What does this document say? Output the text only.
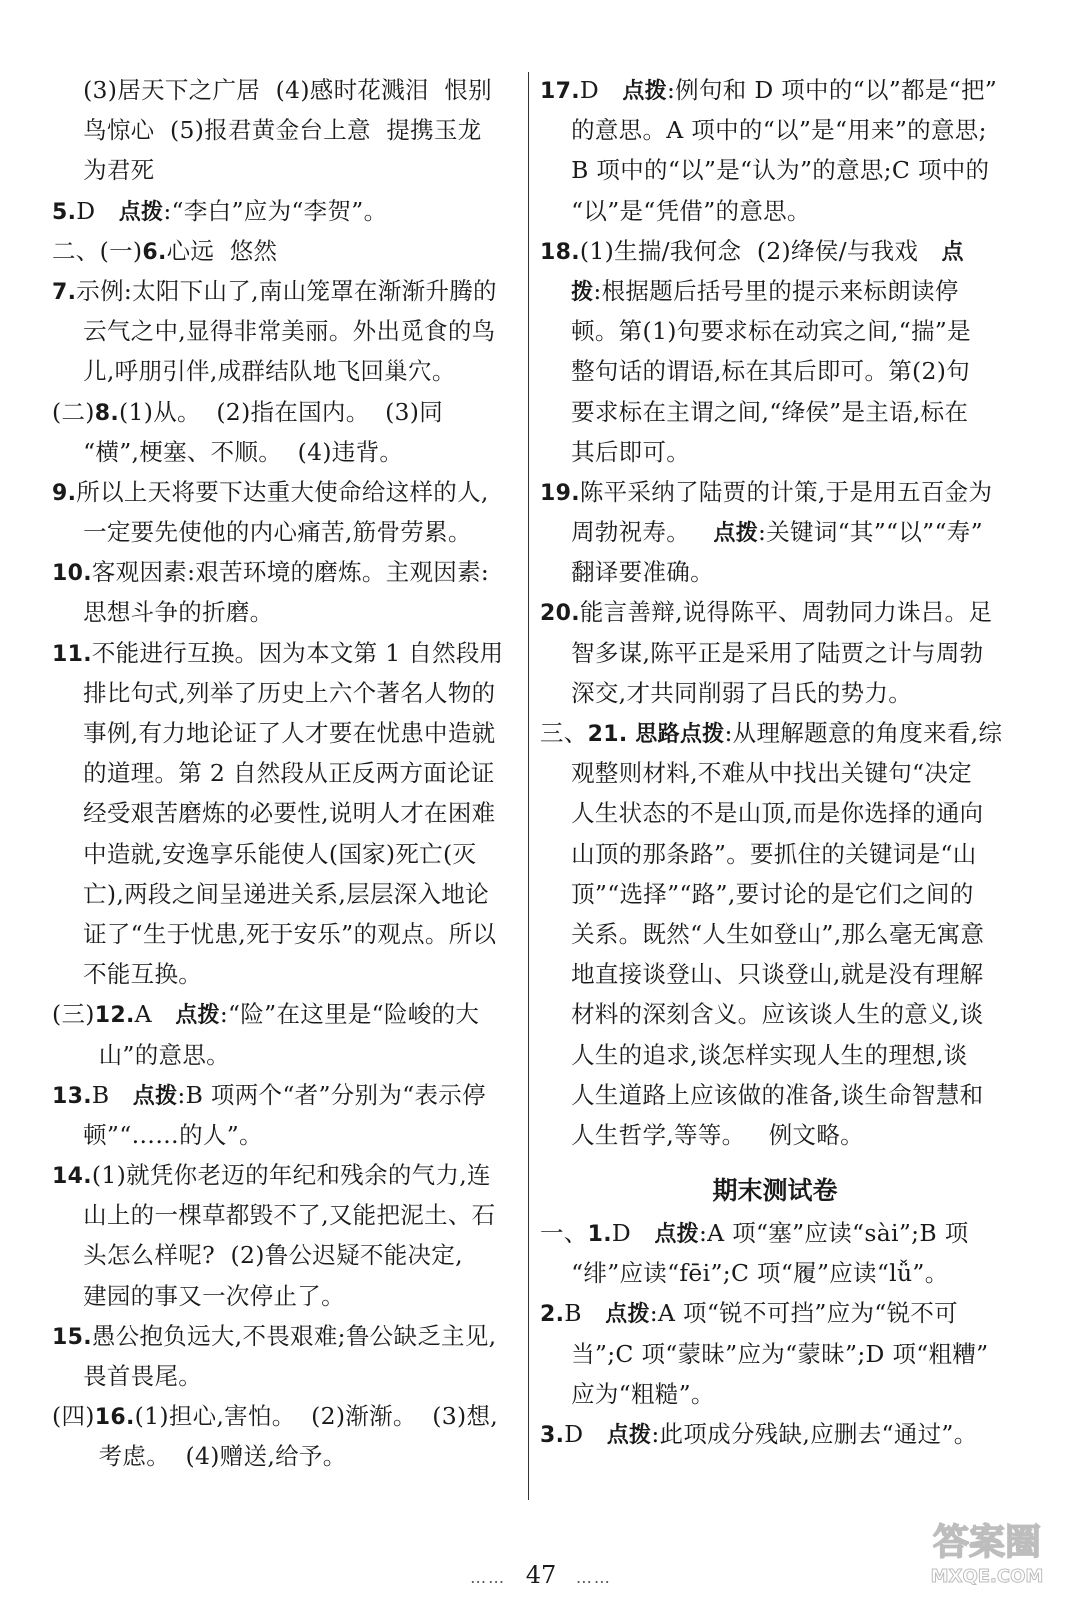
(3)居天下之广居  (4)感时花溅泪  恨别
鸟惊心  (5)报君黄金台上意  提携玉龙
为君死
5.D   点拨:“李白”应为“李贺”。
二、(一)6.心远  悠然
7.示例:太阳下山了,南山笼罩在渐渐升腾的
云气之中,显得非常美丽。外出觅食的鸟
儿,呼朋引伴,成群结队地飞回巢穴。
(二)8.(1)从。  (2)指在国内。  (3)同
“横”,梗塞、不顺。  (4)违背。
9.所以上天将要下达重大使命给这样的人,
一定要先使他的内心痛苦,筋骨劳累。
10.客观因素:艰苦环境的磨炼。主观因素:
思想斗争的折磨。
11.不能进行互换。因为本文第 1 自然段用
排比句式,列举了历史上六个著名人物的
事例,有力地论证了人才要在忧患中造就
的道理。第 2 自然段从正反两方面论证
经受艰苦磨炼的必要性,说明人才在困难
中造就,安逸享乐能使人(国家)死亡(灭
亡),两段之间呈递进关系,层层深入地论
证了“生于忧患,死于安乐”的观点。所以
不能互换。
(三)12.A   点拨:“险”在这里是“险峻的大
山”的意思。
13.B   点拨:B 项两个“者”分别为“表示停
顿”“……的人”。
14.(1)就凭你老迈的年纪和残余的气力,连
山上的一棵草都毁不了,又能把泥土、石
头怎么样呢?  (2)鲁公迟疑不能决定,
建园的事又一次停止了。
15.愚公抱负远大,不畏艰难;鲁公缺乏主见,
畏首畏尾。
(四)16.(1)担心,害怕。  (2)渐渐。  (3)想,
考虑。  (4)赠送,给予。
17.D   点拨:例句和 D 项中的“以”都是“把”
的意思。A 项中的“以”是“用来”的意思;
B 项中的“以”是“认为”的意思;C 项中的
“以”是“凭借”的意思。
18.(1)生揣/我何念  (2)绛侯/与我戏   点
拨:根据题后括号里的提示来标朗读停
顿。第(1)句要求标在动宾之间,“揣”是
整句话的谓语,标在其后即可。第(2)句
要求标在主谓之间,“绛侯”是主语,标在
其后即可。
19.陈平采纳了陆贾的计策,于是用五百金为
周勃祝寿。   点拨:关键词“其”“以”“寿”
翻译要准确。
20.能言善辩,说得陈平、周勃同力诛吕。足
智多谋,陈平正是采用了陆贾之计与周勃
深交,才共同削弱了吕氏的势力。
三、21. 思路点拨:从理解题意的角度来看,综
观整则材料,不难从中找出关键句“决定
人生状态的不是山顶,而是你选择的通向
山顶的那条路”。要抓住的关键词是“山
顶”“选择”“路”,要讨论的是它们之间的
关系。既然“人生如登山”,那么毫无寓意
地直接谈登山、只谈登山,就是没有理解
材料的深刻含义。应该谈人生的意义,谈
人生的追求,谈怎样实现人生的理想,谈
人生道路上应该做的准备,谈生命智慧和
人生哲学,等等。   例文略。
期末测试卷
一、1.D   点拨:A 项“塞”应读“sài”;B 项
“绯”应读“fēi”;C 项“履”应读“lǚ”。
2.B   点拨:A 项“锐不可挡”应为“锐不可
当”;C 项“蒙昧”应为“蒙昧”;D 项“粗糟”
应为“粗糙”。
3.D   点拨:此项成分残缺,应删去“通过”。
…… 47 ……
答案圈
MXQE.COM
